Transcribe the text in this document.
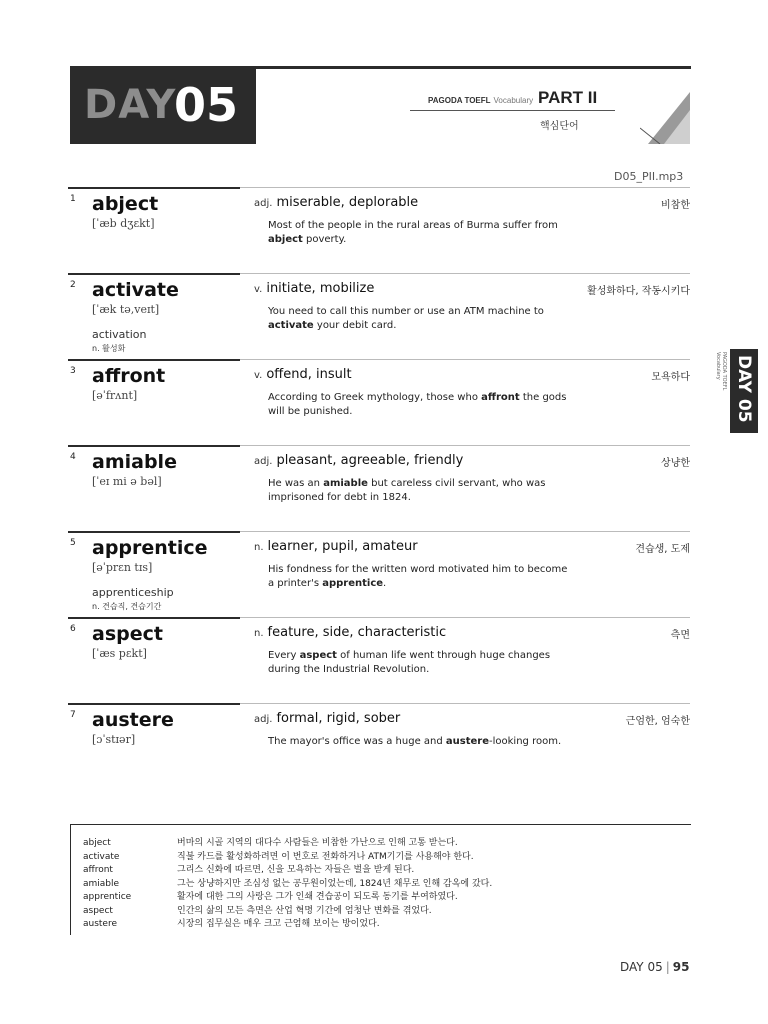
DAY
05	PAGODA TOEFL Vocabulary PART II
핵심단어
D05_PII.mp3
PAGODA TOEFL Vocabulary DAY 05
1 abject
[ˈæb dʒɛkt]
adj. miserable, deplorable	비참한
Most of the people in the rural areas of Burma suffer from abject poverty.
2 activate
[ˈæk tə,veɪt]
activation
n. 활성화
v. initiate, mobilize	활성화하다, 작동시키다
You need to call this number or use an ATM machine to activate your debit card.
3 affront
[əˈfrʌnt]
v. offend, insult	모욕하다
According to Greek mythology, those who affront the gods will be punished.
4 amiable
[ˈeɪ mi ə bəl]
adj. pleasant, agreeable, friendly	상냥한
He was an amiable but careless civil servant, who was imprisoned for debt in 1824.
5 apprentice
[əˈprɛn tɪs]
apprenticeship
n. 견습직, 견습기간
n. learner, pupil, amateur	견습생, 도제
His fondness for the written word motivated him to become a printer's apprentice.
6 aspect
[ˈæs pɛkt]
n. feature, side, characteristic	측면
Every aspect of human life went through huge changes during the Industrial Revolution.
7 austere
[ɔˈstɪər]
adj. formal, rigid, sober	근엄한, 엄숙한
The mayor's office was a huge and austere-looking room.
abject	버마의 시골 지역의 대다수 사람들은 비참한 가난으로 인해 고통 받는다.
activate	직불 카드를 활성화하려면 이 번호로 전화하거나 ATM기기를 사용해야 한다.
affront	그리스 신화에 따르면, 신을 모욕하는 자들은 벌을 받게 된다.
amiable	그는 상냥하지만 조심성 없는 공무원이었는데, 1824년 채무로 인해 감옥에 갔다.
apprentice	활자에 대한 그의 사랑은 그가 인쇄 견습공이 되도록 동기를 부여하였다.
aspect	인간의 삶의 모든 측면은 산업 혁명 기간에 엄청난 변화를 겪었다.
austere	시장의 집무실은 매우 크고 근엄해 보이는 방이었다.
DAY 05 | 95
